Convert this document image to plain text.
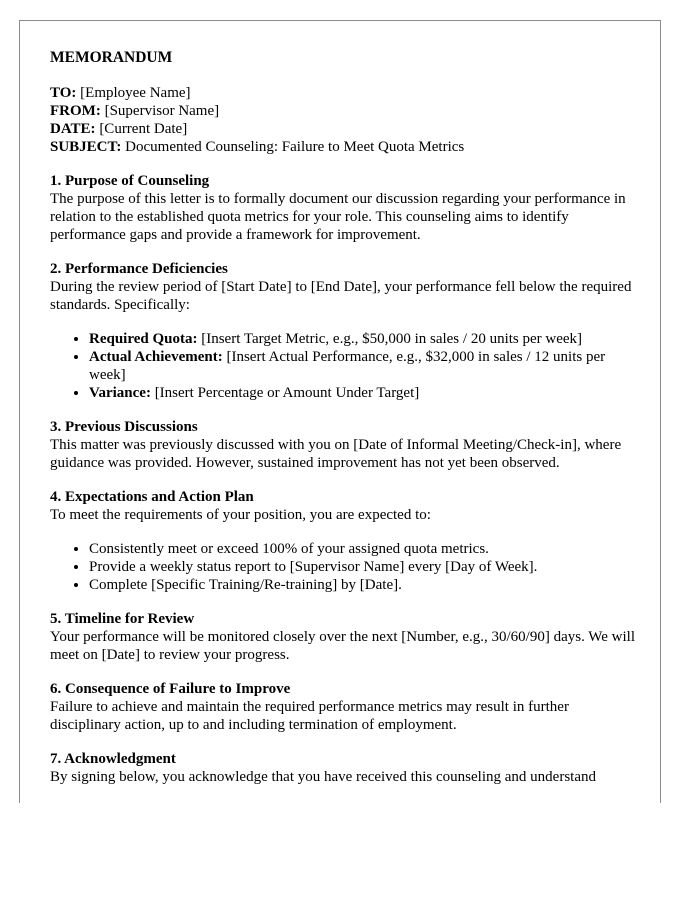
MEMORANDUM

TO: [Employee Name]

FROM: [Supervisor Name]

DATE: [Current Date]

SUBJECT: Documented Counseling: Failure to Meet Quota Metrics

1. Purpose of Counseling

The purpose of this letter is to formally document our discussion regarding your performance in relation to the established quota metrics for your role. This counseling aims to identify performance gaps and provide a framework for improvement.

2. Performance Deficiencies

During the review period of [Start Date] to [End Date], your performance fell below the required standards. Specifically:

• Required Quota: [Insert Target Metric, e.g., $50,000 in sales / 20 units per week]
• Actual Achievement: [Insert Actual Performance, e.g., $32,000 in sales / 12 units per week]
• Variance: [Insert Percentage or Amount Under Target]
3. Previous Discussions

This matter was previously discussed with you on [Date of Informal Meeting/Check-in], where guidance was provided. However, sustained improvement has not yet been observed.

4. Expectations and Action Plan

To meet the requirements of your position, you are expected to:

• Consistently meet or exceed 100% of your assigned quota metrics.
• Provide a weekly status report to [Supervisor Name] every [Day of Week].
• Complete [Specific Training/Re-training] by [Date].
5. Timeline for Review

Your performance will be monitored closely over the next [Number, e.g., 30/60/90] days. We will meet on [Date] to review your progress.

6. Consequence of Failure to Improve

Failure to achieve and maintain the required performance metrics may result in further disciplinary action, up to and including termination of employment.

7. Acknowledgment

By signing below, you acknowledge that you have received this counseling and understand
